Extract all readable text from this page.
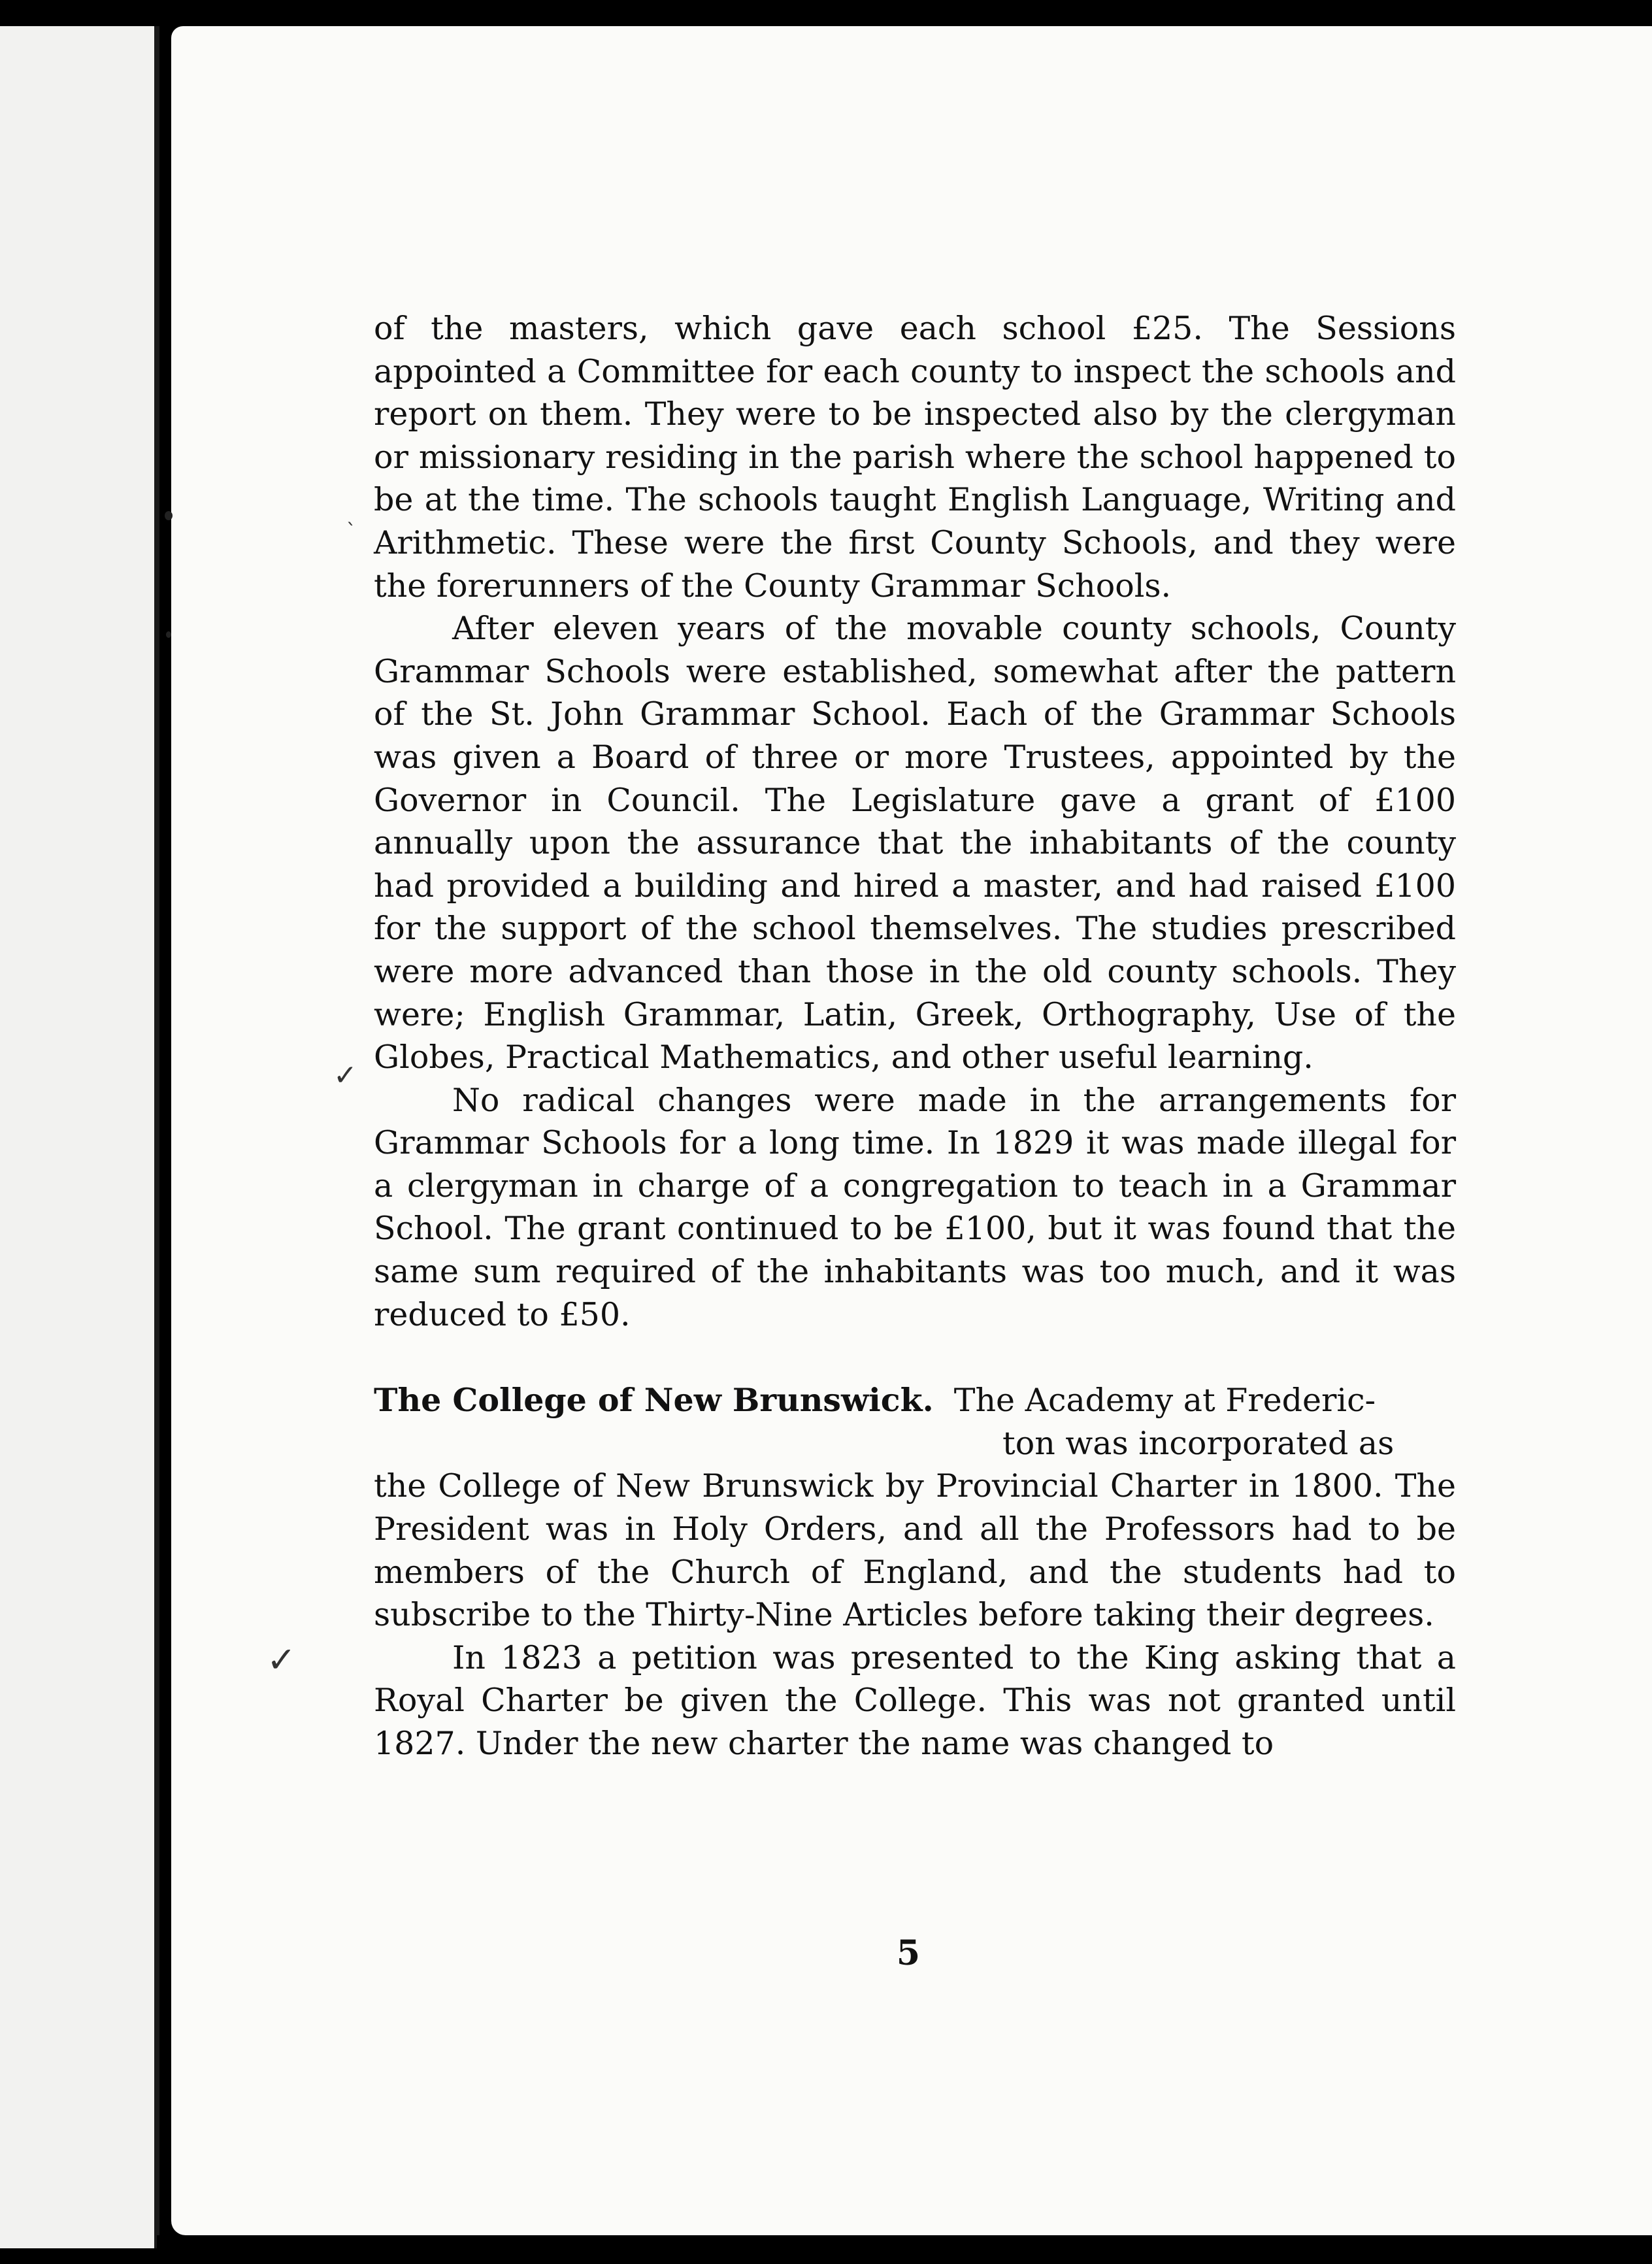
ˎ
✓
✓

of the masters, which gave each school £25. The Sessions appointed a Committee for each county to inspect the schools and report on them. They were to be inspected also by the clergyman or missionary residing in the parish where the school happened to be at the time. The schools taught English Language, Writing and Arithmetic. These were the first County Schools, and they were the forerunners of the County Grammar Schools.

After eleven years of the movable county schools, County Grammar Schools were established, somewhat after the pattern of the St. John Grammar School. Each of the Grammar Schools was given a Board of three or more Trustees, appointed by the Governor in Council. The Legislature gave a grant of £100 annually upon the assurance that the inhabitants of the county had provided a building and hired a master, and had raised £100 for the support of the school themselves. The studies prescribed were more advanced than those in the old county schools. They were; English Grammar, Latin, Greek, Orthography, Use of the Globes, Practical Mathematics, and other useful learning.

No radical changes were made in the arrangements for Grammar Schools for a long time. In 1829 it was made illegal for a clergyman in charge of a congregation to teach in a Grammar School. The grant continued to be £100, but it was found that the same sum required of the inhabitants was too much, and it was reduced to £50.

The College of New Brunswick. The Academy at Frederic-

ton was incorporated as

the College of New Brunswick by Provincial Charter in 1800. The President was in Holy Orders, and all the Professors had to be members of the Church of England, and the students had to subscribe to the Thirty-Nine Articles before taking their degrees.

In 1823 a petition was presented to the King asking that a Royal Charter be given the College. This was not granted until 1827. Under the new charter the name was changed to

5
